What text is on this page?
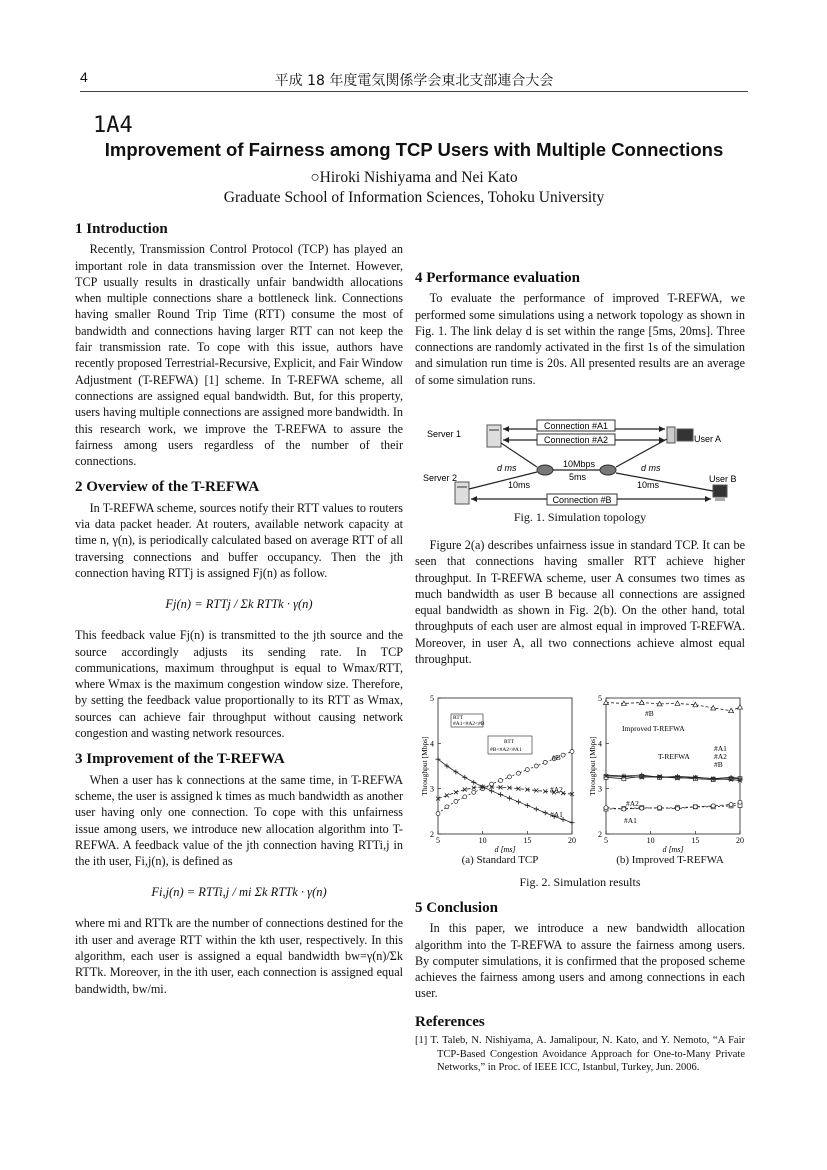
4	平成 18 年度電気関係学会東北支部連合大会
1A4
Improvement of Fairness among TCP Users with Multiple Connections
○Hiroki Nishiyama and Nei Kato
Graduate School of Information Sciences, Tohoku University
1 Introduction

Recently, Transmission Control Protocol (TCP) has played an important role in data transmission over the Internet. However, TCP usually results in drastically unfair bandwidth allocations when multiple connections share a bottleneck link. Connections having smaller Round Trip Time (RTT) consume the most of bandwidth and connections having larger RTT can not keep the fair transmission rate. To cope with this issue, authors have recently proposed Terrestrial-Recursive, Explicit, and Fair Window Adjustment (T-REFWA) [1] scheme. In T-REFWA scheme, all connections are assigned equal bandwidth. But, for this property, users having multiple connections are assigned more bandwidth. In this research work, we improve the T-REFWA to assure the fairness among users regardless of the number of their connections.

2 Overview of the T-REFWA

In T-REFWA scheme, sources notify their RTT values to routers via data packet header. At routers, available network capacity at time n, γ(n), is periodically calculated based on average RTT of all traversing connections and buffer occupancy. Then the jth connection having RTTj is assigned Fj(n) as follow.

Fj(n) = RTTj / Σk RTTk · γ(n)

This feedback value Fj(n) is transmitted to the jth source and the source accordingly adjusts its sending rate. In TCP communications, maximum throughput is equal to Wmax/RTT, where Wmax is the maximum congestion window size. Therefore, by setting the feedback value proportionally to its RTT as Wmax, sources can achieve fair throughput without causing network congestion and wasting network resources.

3 Improvement of the T-REFWA

When a user has k connections at the same time, in T-REFWA scheme, the user is assigned k times as much bandwidth as another user having only one connection. To cope with this unfairness issue among users, we introduce new allocation algorithm into T-REFWA. A feedback value of the jth connection having RTTi,j in the ith user, Fi,j(n), is defined as

Fi,j(n) = RTTi,j / mi Σk RTTk · γ(n)

where mi and RTTk are the number of connections destined for the ith user and average RTT within the kth user, respectively. In this algorithm, each user is assigned a equal bandwidth bw=γ(n)/Σk RTTk. Moreover, in the ith user, each connection is assigned equal bandwidth, bw/mi.

4 Performance evaluation

To evaluate the performance of improved T-REFWA, we performed some simulations using a network topology as shown in Fig. 1. The link delay d is set within the range [5ms, 20ms]. Three connections are randomly activated in the first 1s of the simulation and simulation run time is 20s. All presented results are an average of some simulation runs.

Server 1
Server 2
User A
User B
Connection #A1
Connection #A2
Connection #B
d ms
10ms
10Mbps
5ms
d ms
10ms
Fig. 1. Simulation topology

Figure 2(a) describes unfairness issue in standard TCP. It can be seen that connections having smaller RTT achieve higher throughput. In T-REFWA scheme, user A consumes two times as much bandwidth as user B because all connections are assigned equal bandwidth as shown in Fig. 2(b). On the other hand, total throughputs of each user are almost equal in improved T-REFWA. Moreover, in user A, all two connections achieve almost equal throughput.

5	10	15	20
2
3
4
5
d [ms]
Throughput [Mbps]	#B
#A2
#A1
RTT
#A1<#A2<#B
RTT
#B<#A2<#A1
5	10	15	20
2
3
4
5
d [ms]
Throughput [Mbps]
#B
Improved T-REFWA
#A2
#A1
T-REFWA
#A1
#A2
#B
(a) Standard TCP	(b) Improved T-REFWA
Fig. 2. Simulation results
5 Conclusion

In this paper, we introduce a new bandwidth allocation algorithm into the T-REFWA to assure the fairness among users. By computer simulations, it is confirmed that the proposed scheme achieves the fairness among users and among connections in each user.

References
[1] T. Taleb, N. Nishiyama, A. Jamalipour, N. Kato, and Y. Nemoto, “A Fair TCP-Based Congestion Avoidance Approach for One-to-Many Private Networks,” in Proc. of IEEE ICC, Istanbul, Turkey, Jun. 2006.
